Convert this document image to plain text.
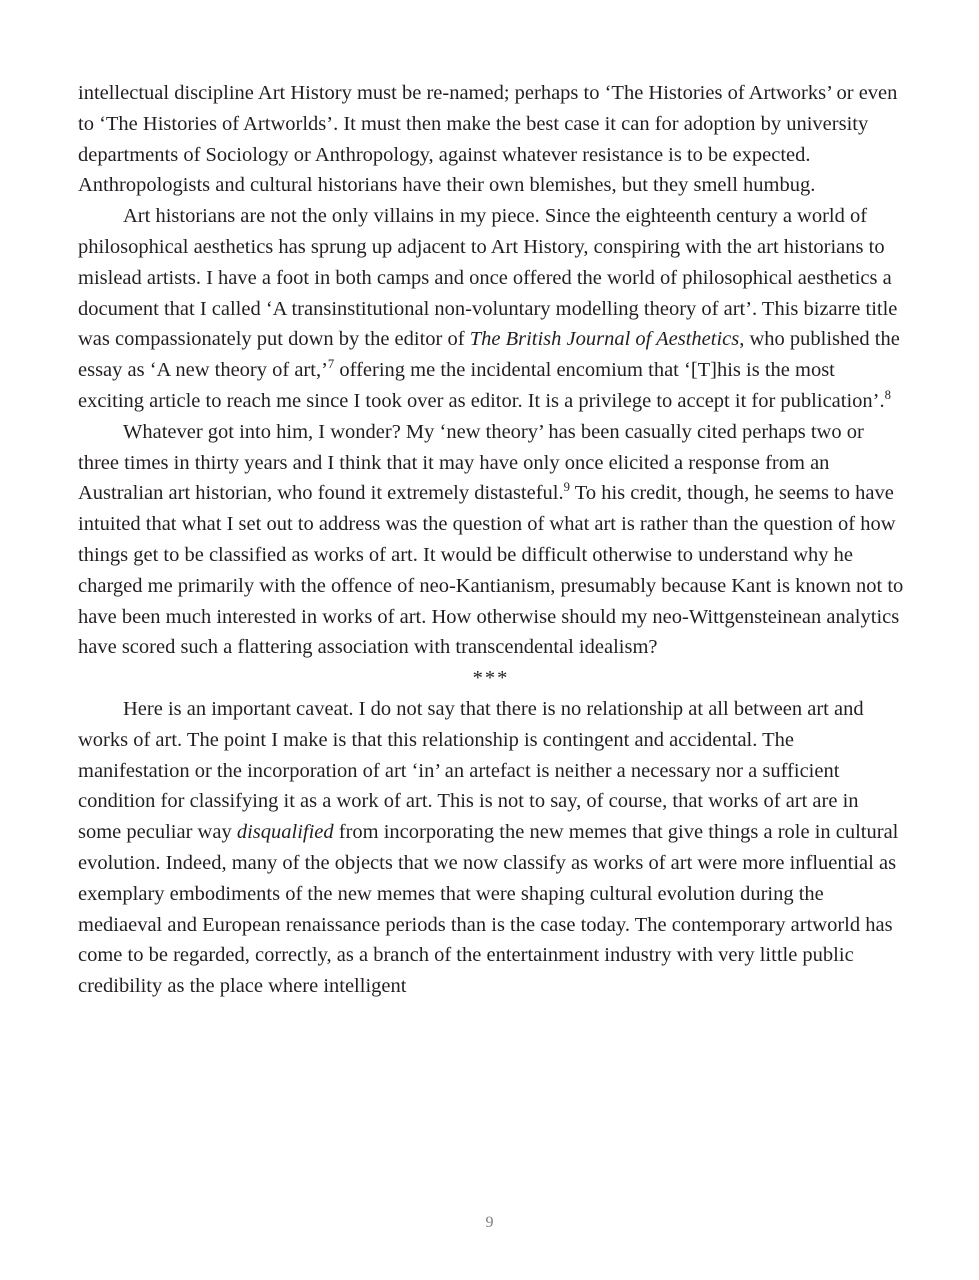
intellectual discipline Art History must be re-named; perhaps to ‘The Histories of Artworks’ or even to ‘The Histories of Artworlds’. It must then make the best case it can for adoption by university departments of Sociology or Anthropology, against whatever resistance is to be expected. Anthropologists and cultural historians have their own blemishes, but they smell humbug.

Art historians are not the only villains in my piece. Since the eighteenth century a world of philosophical aesthetics has sprung up adjacent to Art History, conspiring with the art historians to mislead artists. I have a foot in both camps and once offered the world of philosophical aesthetics a document that I called ‘A transinstitutional non-voluntary modelling theory of art’. This bizarre title was compassionately put down by the editor of The British Journal of Aesthetics, who published the essay as ‘A new theory of art,’$^7$ offering me the incidental encomium that ‘[T]his is the most exciting article to reach me since I took over as editor. It is a privilege to accept it for publication’.$^8$

Whatever got into him, I wonder? My ‘new theory’ has been casually cited perhaps two or three times in thirty years and I think that it may have only once elicited a response from an Australian art historian, who found it extremely distasteful.$^9$ To his credit, though, he seems to have intuited that what I set out to address was the question of what art is rather than the question of how things get to be classified as works of art. It would be difficult otherwise to understand why he charged me primarily with the offence of neo-Kantianism, presumably because Kant is known not to have been much interested in works of art. How otherwise should my neo-Wittgensteinean analytics have scored such a flattering association with transcendental idealism?

***

Here is an important caveat. I do not say that there is no relationship at all between art and works of art. The point I make is that this relationship is contingent and accidental. The manifestation or the incorporation of art ‘in’ an artefact is neither a necessary nor a sufficient condition for classifying it as a work of art. This is not to say, of course, that works of art are in some peculiar way disqualified from incorporating the new memes that give things a role in cultural evolution. Indeed, many of the objects that we now classify as works of art were more influential as exemplary embodiments of the new memes that were shaping cultural evolution during the mediaeval and European renaissance periods than is the case today. The contemporary artworld has come to be regarded, correctly, as a branch of the entertainment industry with very little public credibility as the place where intelligent

9
